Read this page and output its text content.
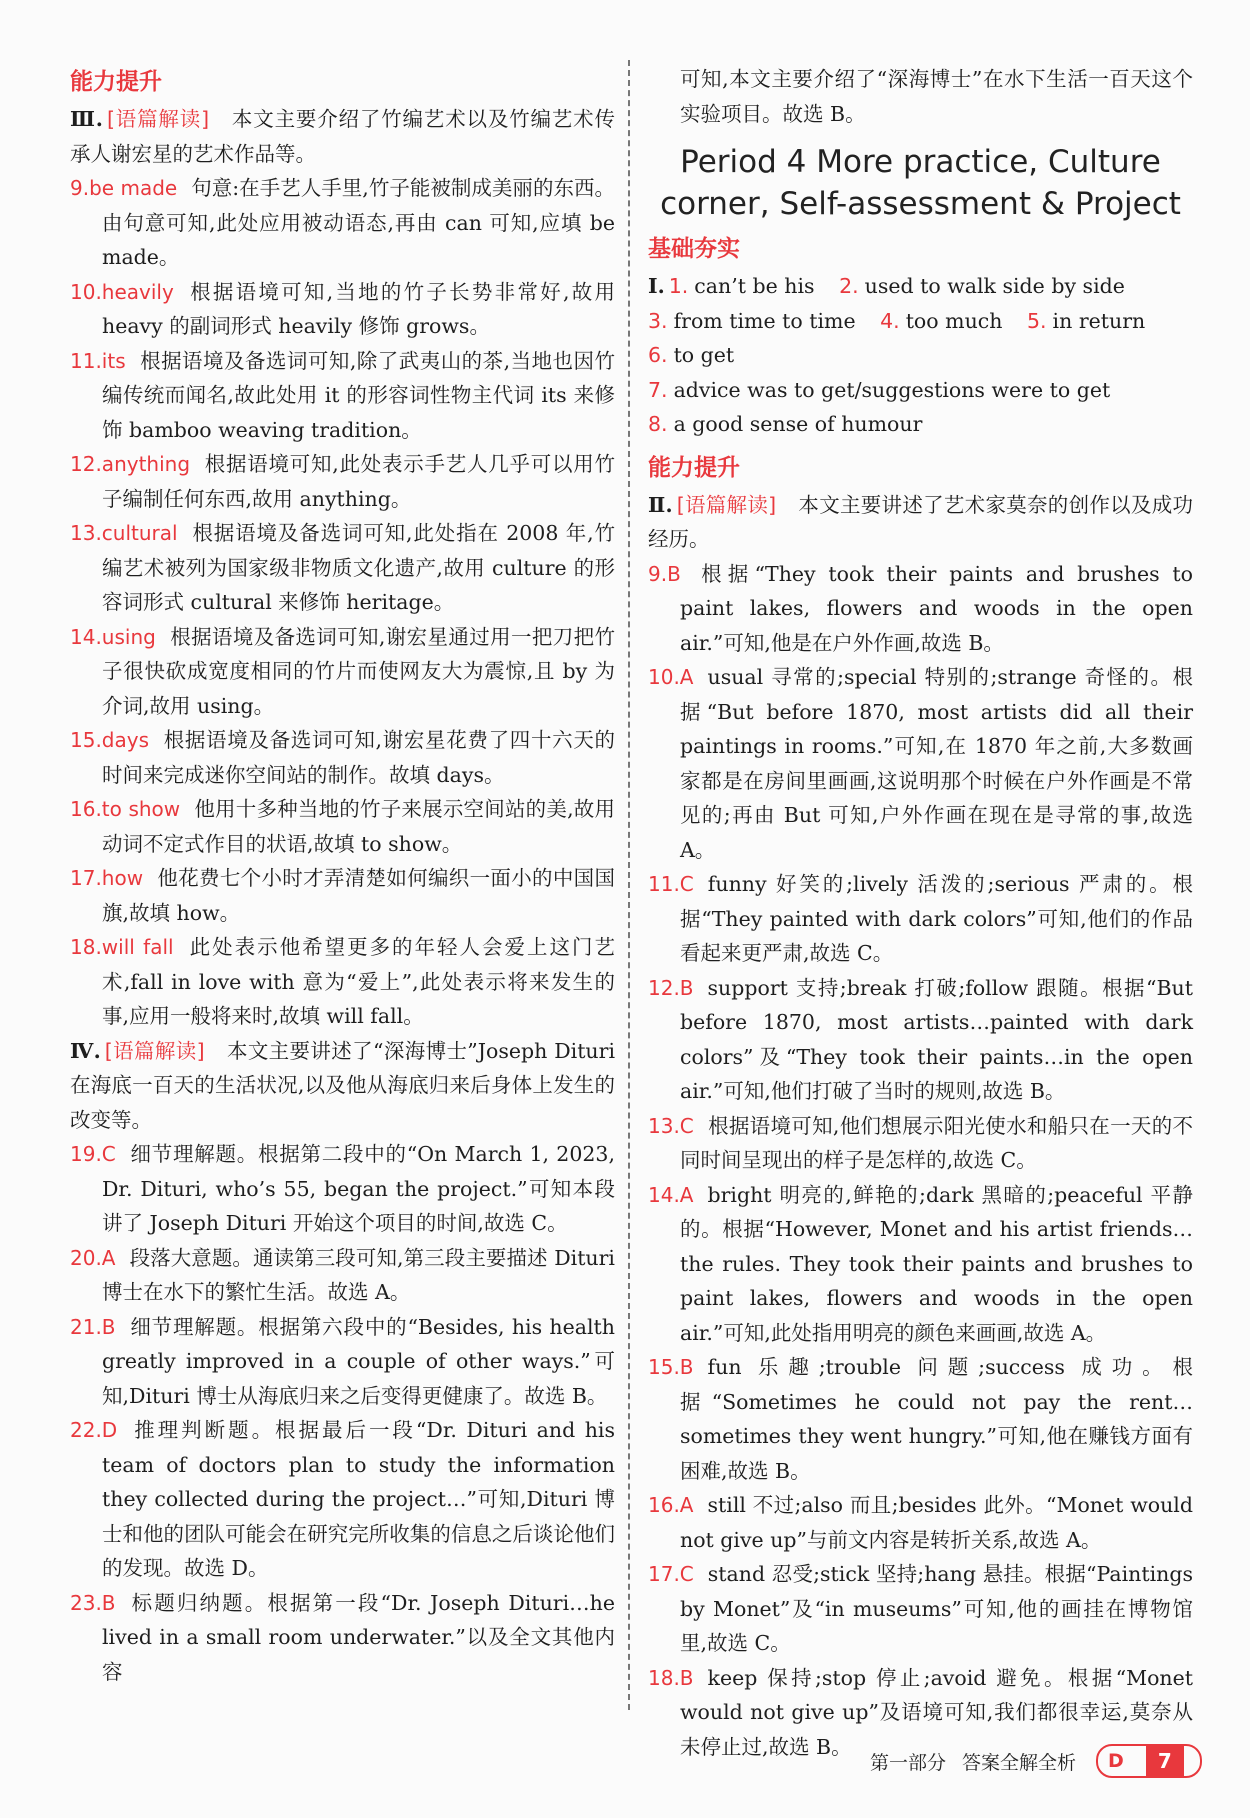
能力提升

Ⅲ. [语篇解读] 本文主要介绍了竹编艺术以及竹编艺术传承人谢宏星的艺术作品等。

9.be made 句意:在手艺人手里,竹子能被制成美丽的东西。由句意可知,此处应用被动语态,再由 can 可知,应填 be made。

10.heavily 根据语境可知,当地的竹子长势非常好,故用 heavy 的副词形式 heavily 修饰 grows。

11.its 根据语境及备选词可知,除了武夷山的茶,当地也因竹编传统而闻名,故此处用 it 的形容词性物主代词 its 来修饰 bamboo weaving tradition。

12.anything 根据语境可知,此处表示手艺人几乎可以用竹子编制任何东西,故用 anything。

13.cultural 根据语境及备选词可知,此处指在 2008 年,竹编艺术被列为国家级非物质文化遗产,故用 culture 的形容词形式 cultural 来修饰 heritage。

14.using 根据语境及备选词可知,谢宏星通过用一把刀把竹子很快砍成宽度相同的竹片而使网友大为震惊,且 by 为介词,故用 using。

15.days 根据语境及备选词可知,谢宏星花费了四十六天的时间来完成迷你空间站的制作。故填 days。

16.to show 他用十多种当地的竹子来展示空间站的美,故用动词不定式作目的状语,故填 to show。

17.how 他花费七个小时才弄清楚如何编织一面小的中国国旗,故填 how。

18.will fall 此处表示他希望更多的年轻人会爱上这门艺术,fall in love with 意为“爱上”,此处表示将来发生的事,应用一般将来时,故填 will fall。

Ⅳ. [语篇解读] 本文主要讲述了“深海博士”Joseph Dituri 在海底一百天的生活状况,以及他从海底归来后身体上发生的改变等。

19.C 细节理解题。根据第二段中的“On March 1, 2023, Dr. Dituri, who’s 55, began the project.”可知本段讲了 Joseph Dituri 开始这个项目的时间,故选 C。

20.A 段落大意题。通读第三段可知,第三段主要描述 Dituri 博士在水下的繁忙生活。故选 A。

21.B 细节理解题。根据第六段中的“Besides, his health greatly improved in a couple of other ways.”可知,Dituri 博士从海底归来之后变得更健康了。故选 B。

22.D 推理判断题。根据最后一段“Dr. Dituri and his team of doctors plan to study the information they collected during the project…”可知,Dituri 博士和他的团队可能会在研究完所收集的信息之后谈论他们的发现。故选 D。

23.B 标题归纳题。根据第一段“Dr. Joseph Dituri…he lived in a small room underwater.”以及全文其他内容

可知,本文主要介绍了“深海博士”在水下生活一百天这个实验项目。故选 B。

Period 4 More practice, Culture
corner, Self-assessment & Project
基础夯实

Ⅰ. 1. can’t be his 2. used to walk side by side 3. from time to time 4. too much 5. in return 6. to get

7. advice was to get/suggestions were to get

8. a good sense of humour

能力提升

Ⅱ. [语篇解读] 本文主要讲述了艺术家莫奈的创作以及成功经历。

9.B 根据“They took their paints and brushes to paint lakes, flowers and woods in the open air.”可知,他是在户外作画,故选 B。

10.A usual 寻常的;special 特别的;strange 奇怪的。根据“But before 1870, most artists did all their paintings in rooms.”可知,在 1870 年之前,大多数画家都是在房间里画画,这说明那个时候在户外作画是不常见的;再由 But 可知,户外作画在现在是寻常的事,故选 A。

11.C funny 好笑的;lively 活泼的;serious 严肃的。根据“They painted with dark colors”可知,他们的作品看起来更严肃,故选 C。

12.B support 支持;break 打破;follow 跟随。根据“But before 1870, most artists…painted with dark colors”及“They took their paints…in the open air.”可知,他们打破了当时的规则,故选 B。

13.C 根据语境可知,他们想展示阳光使水和船只在一天的不同时间呈现出的样子是怎样的,故选 C。

14.A bright 明亮的,鲜艳的;dark 黑暗的;peaceful 平静的。根据“However, Monet and his artist friends…the rules. They took their paints and brushes to paint lakes, flowers and woods in the open air.”可知,此处指用明亮的颜色来画画,故选 A。

15.B fun 乐趣;trouble 问题;success 成功。根据“Sometimes he could not pay the rent…sometimes they went hungry.”可知,他在赚钱方面有困难,故选 B。

16.A still 不过;also 而且;besides 此外。“Monet would not give up”与前文内容是转折关系,故选 A。

17.C stand 忍受;stick 坚持;hang 悬挂。根据“Paintings by Monet”及“in museums”可知,他的画挂在博物馆里,故选 C。

18.B keep 保持;stop 停止;avoid 避免。根据“Monet would not give up”及语境可知,我们都很幸运,莫奈从未停止过,故选 B。

第一部分 答案全解全析	D	7
